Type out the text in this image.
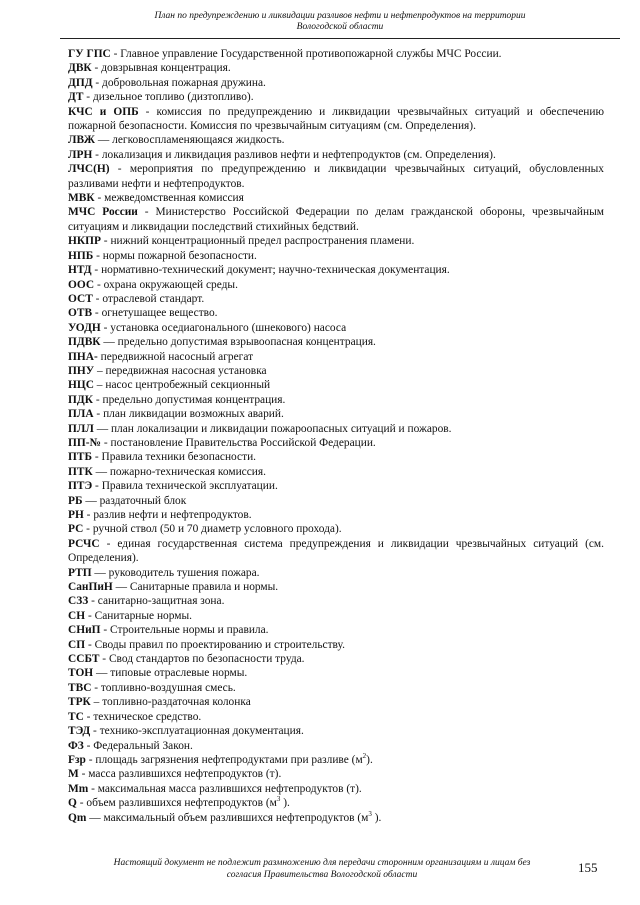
План по предупреждению и ликвидации разливов нефти и нефтепродуктов на территории
Вологодской области

ГУ ГПС - Главное управление Государственной противопожарной службы МЧС России.

ДВК - довзрывная концентрация.

ДПД - добровольная пожарная дружина.

ДТ - дизельное топливо (дизтопливо).

КЧС и ОПБ - комиссия по предупреждению и ликвидации чрезвычайных ситуаций и обеспечению пожарной безопасности. Комиссия по чрезвычайным ситуациям (см. Определения).

ЛВЖ — легковоспламеняющаяся жидкость.

ЛРН - локализация и ликвидация разливов нефти и нефтепродуктов (см. Определения).

ЛЧС(Н) - мероприятия по предупреждению и ликвидации чрезвычайных ситуаций, обусловленных разливами нефти и нефтепродуктов.

МВК - межведомственная комиссия

МЧС России - Министерство Российской Федерации по делам гражданской обороны, чрезвычайным ситуациям и ликвидации последствий стихийных бедствий.

НКПР - нижний концентрационный предел распространения пламени.

НПБ - нормы пожарной безопасности.

НТД - нормативно-технический документ; научно-техническая документация.

ООС - охрана окружающей среды.

ОСТ - отраслевой стандарт.

ОТВ - огнетушащее вещество.

УОДН - установка оседиагонального (шнекового) насоса

ПДВК — предельно допустимая взрывоопасная концентрация.

ПНА- передвижной насосный агрегат

ПНУ – передвижная насосная установка

НЦС – насос центробежный секционный

ПДК - предельно допустимая концентрация.

ПЛА - план ликвидации возможных аварий.

ПЛЛ — план локализации и ликвидации пожароопасных ситуаций и пожаров.

ПП-№ - постановление Правительства Российской Федерации.

ПТБ - Правила техники безопасности.

ПТК — пожарно-техническая комиссия.

ПТЭ - Правила технической эксплуатации.

РБ — раздаточный блок

РН - разлив нефти и нефтепродуктов.

РС - ручной ствол (50 и 70 диаметр условного прохода).

РСЧС - единая государственная система предупреждения и ликвидации чрезвычайных ситуаций (см. Определения).

РТП — руководитель тушения пожара.

СанПиН — Санитарные правила и нормы.

СЗЗ - санитарно-защитная зона.

СН - Санитарные нормы.

СНиП - Строительные нормы и правила.

СП - Своды правил по проектированию и строительству.

ССБТ - Свод стандартов по безопасности труда.

ТОН — типовые отраслевые нормы.

ТВС - топливно-воздушная смесь.

ТРК – топливно-раздаточная колонка

ТС - техническое средство.

ТЭД - технико-эксплуатационная документация.

ФЗ - Федеральный Закон.

Fзр - площадь загрязнения нефтепродуктами при разливе $(м^2)$.

М - масса разлившихся нефтепродуктов (т).

Мm - максимальная масса разлившихся нефтепродуктов (т).

Q - объем разлившихся нефтепродуктов ($м^3$ ).

Qm — максимальный объем разлившихся нефтепродуктов ($м^3$ ).

Настоящий документ не подлежит размножению для передачи сторонним организациям и лицам без
согласия Правительства Вологодской области	155
